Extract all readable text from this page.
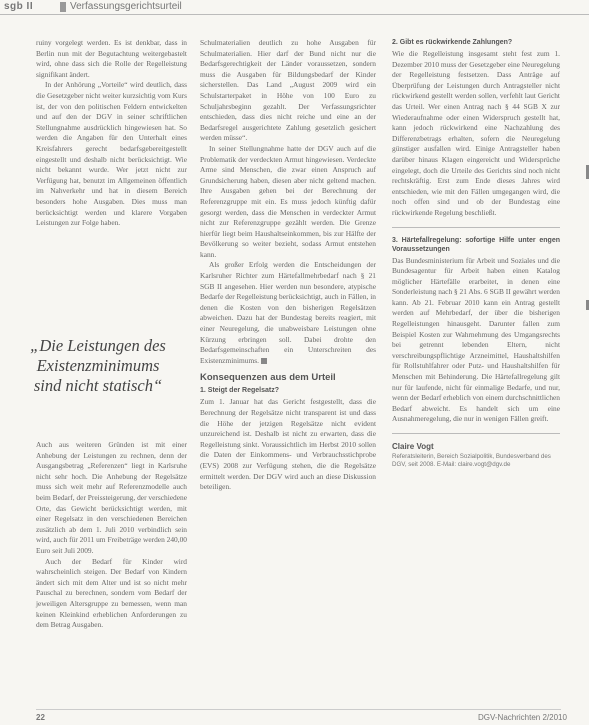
sgb II	Verfassungsgerichtsurteil

ruiny vorgelegt werden. Es ist denkbar, dass in Berlin nun mit der Begutachtung weitergebastelt wird, ohne dass sich die Rolle der Regelleistung signifikant ändert.

In der Anhörung „Vorteile“ wird deutlich, dass die Gesetzgeber nicht weiter kurzsichtig vom Kurs ist, der von den politischen Feldern entwickelten und auf den der DGV in seiner schriftlichen Stellungnahme ausdrücklich hingewiesen hat. So werden die Angaben für den Unterhalt eines Kreisfahrers gerecht bedarfsgebereitgestellt eingestellt und deshalb nicht berücksichtigt. Wie nicht bekannt wurde. Wer jetzt nicht zur Verfügung hat, benutzt im Allgemeinen öffentlich im Nahverkehr und hat in diesem Bereich besonders hohe Ausgaben. Dies muss man berücksichtigt werden und klarere Vorgaben Leistungen zur Folge haben.

„Die Leistungen des Existenzminimums sind nicht statisch“

Auch aus weiteren Gründen ist mit einer Anhebung der Leistungen zu rechnen, denn der Ausgangsbetrag „Referenzen“ liegt in Karlsruhe nicht sehr hoch. Die Anhebung der Regelsätze muss sich weit mehr auf Referenzmodelle auch beim Bedarf, der Preissteigerung, der verschiedene Orte, das Gewicht berücksichtigt werden, mit einer Regelsatz in den verschiedenen Bereichen zusätzlich ab dem 1. Juli 2010 verbindlich sein wird, auch für 2011 um Freibeträge werden 240,00 Euro seit Juli 2009.

Auch der Bedarf für Kinder wird wahrscheinlich steigen. Der Bedarf von Kindern ändert sich mit dem Alter und ist so nicht mehr Pauschal zu berechnen, sondern vom Bedarf der jeweiligen Altersgruppe zu bemessen, wenn man keinen Kleinkind erheblichen Anforderungen zu dem Betrag Ausgaben.

Schulmaterialien deutlich zu hohe Ausgaben für Schulmaterialien. Hier darf der Bund nicht nur die Bedarfsgerechtigkeit der Länder voraussetzen, sondern muss die Ausgaben für Bildungsbedarf der Kinder sicherstellen. Das Land „August 2009 wird ein Schulstarterpaket in Höhe von 100 Euro zu Schuljahrsbeginn gezahlt. Der Verfassungsrichter entschieden, dass dies nicht reiche und eine an der Bedarfsregel ausgerichtete Zahlung gesetzlich gesichert werden müsse“.

In seiner Stellungnahme hatte der DGV auch auf die Problematik der verdeckten Armut hingewiesen. Verdeckte Arme sind Menschen, die zwar einen Anspruch auf Grundsicherung haben, diesen aber nicht geltend machen. Ihre Ausgaben gehen bei der Berechnung der Referenzgruppe mit ein. Es muss jedoch künftig dafür gesorgt werden, dass die Menschen in verdeckter Armut nicht zur Referenzgruppe gezählt werden. Die Grenze hierfür liegt beim Haushaltseinkommen, bis zur Hälfte der Bevölkerung so weiter bezieht, sodass Armut entstehen kann.

Als großer Erfolg werden die Entscheidungen der Karlsruher Richter zum Härtefallmehrbedarf nach § 21 SGB II angesehen. Hier werden nun besondere, atypische Bedarfe der Regelleistung berücksichtigt, auch in Fällen, in denen die Kosten von den bisherigen Regelsätzen abweichen. Dazu hat der Bundestag bereits reagiert, mit einer Neuregelung, die unabweisbare Leistungen ohne Kürzung erbringen soll. Dabei drohte den Bedarfsgemeinschaften ein Unterschreiten des Existenzminimums.

Konsequenzen aus dem Urteil
1. Steigt der Regelsatz?

Zum 1. Januar hat das Gericht festgestellt, dass die Berechnung der Regelsätze nicht transparent ist und dass die Höhe der jetzigen Regelsätze nicht evident unzureichend ist. Deshalb ist nicht zu erwarten, dass die Regelleistung sinkt. Voraussichtlich im Herbst 2010 sollen die Daten der Einkommens- und Verbrauchsstichprobe (EVS) 2008 zur Verfügung stehen, die die Regelsätze ermittelt werden. Der DGV wird auch an diese Diskussion beteiligen.

2. Gibt es rückwirkende Zahlungen?

Wie die Regelleistung insgesamt steht fest zum 1. Dezember 2010 muss der Gesetzgeber eine Neuregelung der Regelleistung festsetzen. Dass Anträge auf Überprüfung der Leistungen durch Antragsteller nicht rückwirkend gestellt werden sollen, verfehlt laut Gericht das Urteil. Wer einen Antrag nach § 44 SGB X zur Wiederaufnahme oder einen Widerspruch gestellt hat, kann jedoch rückwirkend eine Nachzahlung des Differenzbetrags erhalten, sofern die Neuregelung günstiger ausfallen wird. Einige Antragsteller haben darüber hinaus Klagen eingereicht und Widersprüche eingelegt, doch die Urteile des Gerichts sind noch nicht rechtskräftig. Erst zum Ende dieses Jahres wird entschieden, wie mit den Fällen umgegangen wird, die noch offen sind und ob der Bundestag eine rückwirkende Regelung beschließt.

3. Härtefallregelung: sofortige Hilfe unter engen Voraussetzungen

Das Bundesministerium für Arbeit und Soziales und die Bundesagentur für Arbeit haben einen Katalog möglicher Härtefälle erarbeitet, in denen eine Sonderleistung nach § 21 Abs. 6 SGB II gewährt werden kann. Ab 21. Februar 2010 kann ein Antrag gestellt werden auf Mehrbedarf, der über die bisherigen Regelleistungen hinausgeht. Darunter fallen zum Beispiel Kosten zur Wahrnehmung des Umgangsrechts bei getrennt lebenden Eltern, nicht verschreibungspflichtige Arzneimittel, Haushaltshilfen für Rollstuhlfahrer oder Putz- und Haushaltshilfen für Menschen mit Behinderung. Die Härtefallregelung gilt nur für laufende, nicht für einmalige Bedarfe, und nur, wenn der Bedarf erheblich von einem durchschnittlichen Bedarf abweicht. Es handelt sich um eine Ausnahmeregelung, die nur in wenigen Fällen greift.

Claire Vogt
Referatsleiterin, Bereich Sozialpolitik, Bundesverband des DGV, seit 2008. E-Mail: claire.vogt@dgv.de
22	DGV-Nachrichten 2/2010
